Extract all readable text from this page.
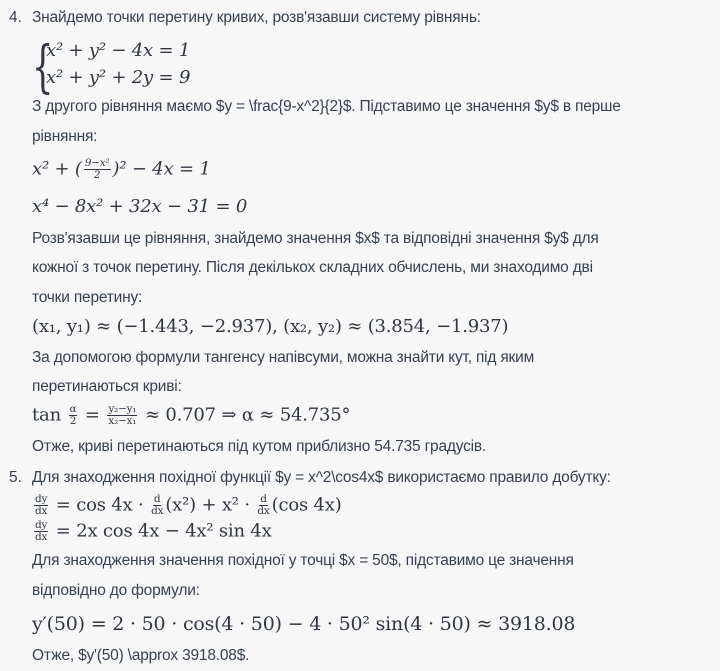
4. Знайдемо точки перетину кривих, розв'язавши систему рівнянь:
{
x² + y² − 4x = 1
x² + y² + 2y = 9
З другого рівняння маємо $y = \frac{9-x^2}{2}$. Підставимо це значення $y$ в перше
рівняння:
x² + ( $\frac{\text{9−x²}}{2} )^2 - 4x = 1$
x⁴ − 8x² + 32x − 31 = 0
Розв'язавши це рівняння, знайдемо значення $x$ та відповідні значення $y$ для
кожної з точок перетину. Після декількох складних обчислень, ми знаходимо дві
точки перетину:
(x₁, y₁) ≈ (−1.443, −2.937), (x₂, y₂) ≈ (3.854, −1.937)
За допомогою формули тангенсу напівсуми, можна знайти кут, під яким
перетинаються криві:
$\tan \frac{\alpha}{2} = \frac{\text{y₂−y₁}}{\text{x₂−x₁}} \approx 0.707$ ⇒ α ≈ 54.735°
Отже, криві перетинаються під кутом приблизно 54.735 градусів.
5. Для знаходження похідної функції $y = x^2\cos4x$ використаємо правило добутку:
$\frac{dy}{dx} = \cos 4x \cdot \frac{d}{dx} (x^2) + x^2 \cdot \frac{d}{dx} (\cos$ 4x)
$\frac{dy}{dx} = 2x$ cos 4x − 4x² sin 4x
Для знаходження значення похідної у точці $x = 50$, підставимо це значення
відповідно до формули:
y′(50) = 2 · 50 · cos(4 · 50) − 4 · 50² sin(4 · 50) ≈ 3918.08
Отже, $y'(50) \approx 3918.08$.
